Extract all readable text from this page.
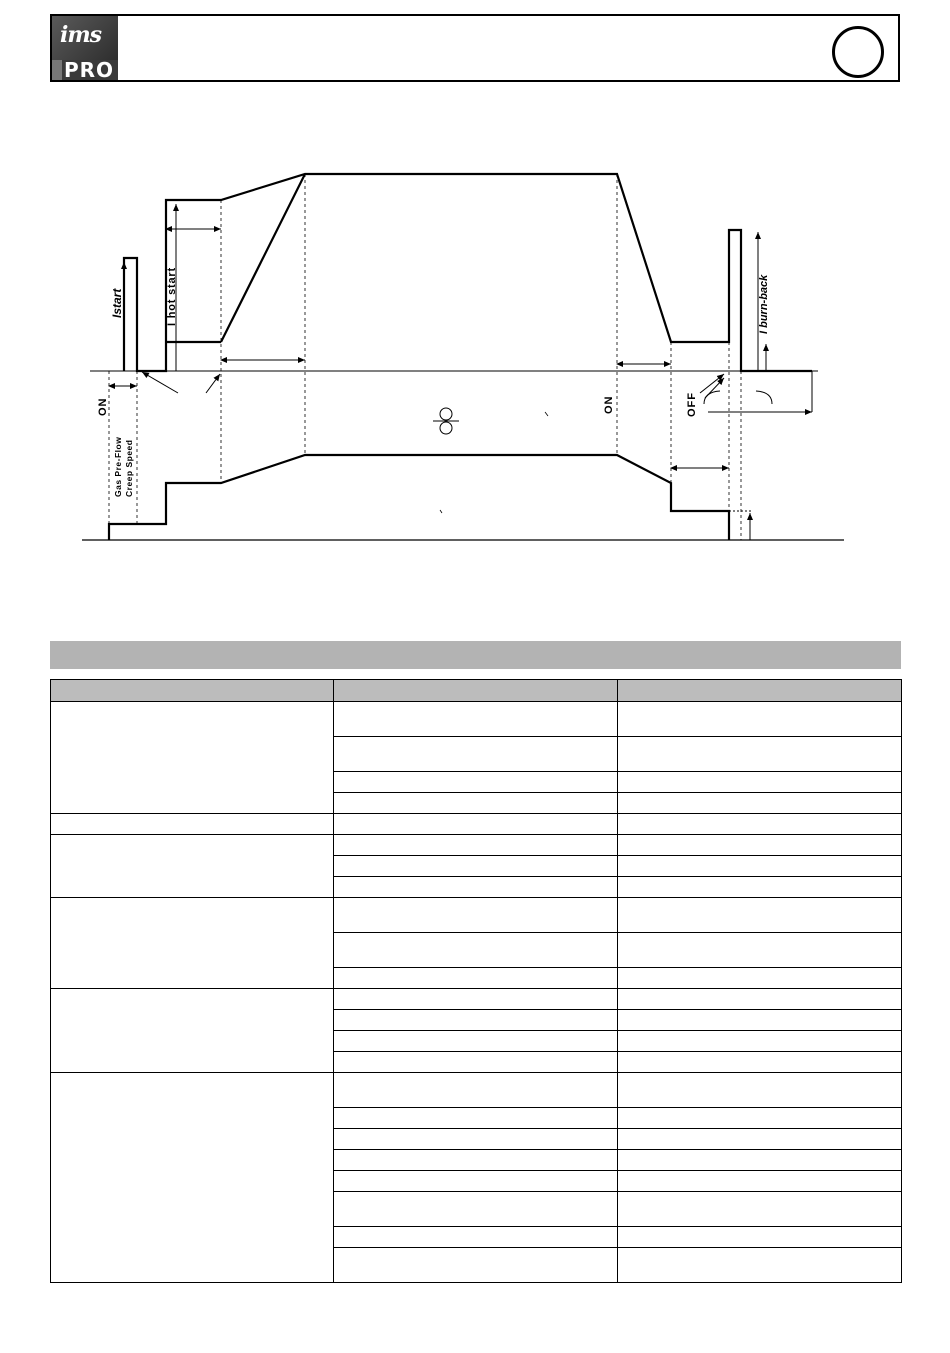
ims
PRO
Istart	I hot start	I burn-back
ON	ON	OFF
Gas Pre-Flow Creep Speed
